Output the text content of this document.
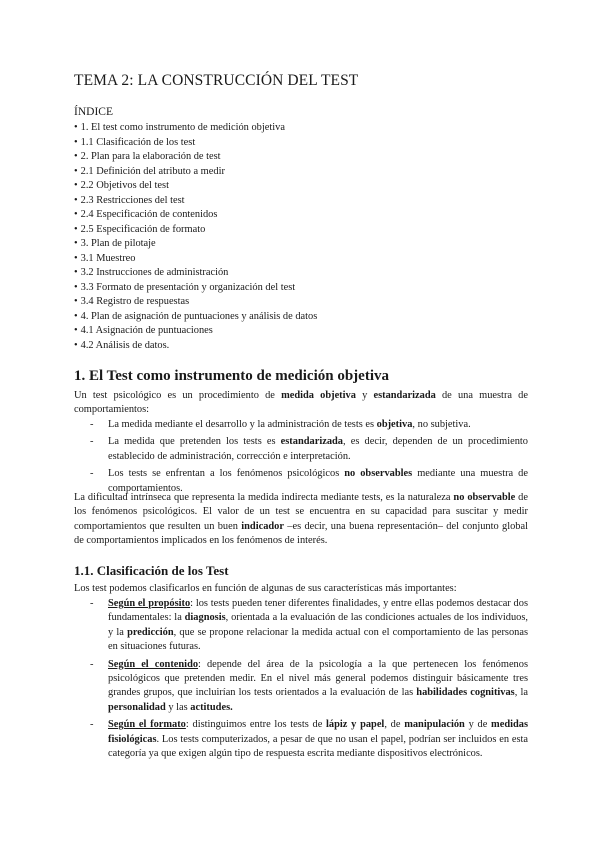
TEMA 2: LA CONSTRUCCIÓN DEL TEST
ÍNDICE
• 1. El test como instrumento de medición objetiva
• 1.1 Clasificación de los test
• 2. Plan para la elaboración de test
• 2.1 Definición del atributo a medir
• 2.2 Objetivos del test
• 2.3 Restricciones del test
• 2.4 Especificación de contenidos
• 2.5 Especificación de formato
• 3. Plan de pilotaje
• 3.1 Muestreo
• 3.2 Instrucciones de administración
• 3.3 Formato de presentación y organización del test
• 3.4 Registro de respuestas
• 4. Plan de asignación de puntuaciones y análisis de datos
• 4.1 Asignación de puntuaciones
• 4.2 Análisis de datos.
1. El Test como instrumento de medición objetiva

Un test psicológico es un procedimiento de medida objetiva y estandarizada de una muestra de comportamientos:

- La medida mediante el desarrollo y la administración de tests es objetiva, no subjetiva.
- La medida que pretenden los tests es estandarizada, es decir, dependen de un procedimiento establecido de administración, corrección e interpretación.
- Los tests se enfrentan a los fenómenos psicológicos no observables mediante una muestra de comportamientos.

La dificultad intrínseca que representa la medida indirecta mediante tests, es la naturaleza no observable de los fenómenos psicológicos. El valor de un test se encuentra en su capacidad para suscitar y medir comportamientos que resulten un buen indicador –es decir, una buena representación– del conjunto global de comportamientos implicados en los fenómenos de interés.

1.1. Clasificación de los Test

Los test podemos clasificarlos en función de algunas de sus características más importantes:

- Según el propósito: los tests pueden tener diferentes finalidades, y entre ellas podemos destacar dos fundamentales: la diagnosis, orientada a la evaluación de las condiciones actuales de los individuos, y la predicción, que se propone relacionar la medida actual con el comportamiento de las personas en situaciones futuras.
- Según el contenido: depende del área de la psicología a la que pertenecen los fenómenos psicológicos que pretenden medir. En el nivel más general podemos distinguir básicamente tres grandes grupos, que incluirían los tests orientados a la evaluación de las habilidades cognitivas, la personalidad y las actitudes.
- Según el formato: distinguimos entre los tests de lápiz y papel, de manipulación y de medidas fisiológicas. Los tests computerizados, a pesar de que no usan el papel, podrían ser incluidos en esta categoría ya que exigen algún tipo de respuesta escrita mediante dispositivos electrónicos.
